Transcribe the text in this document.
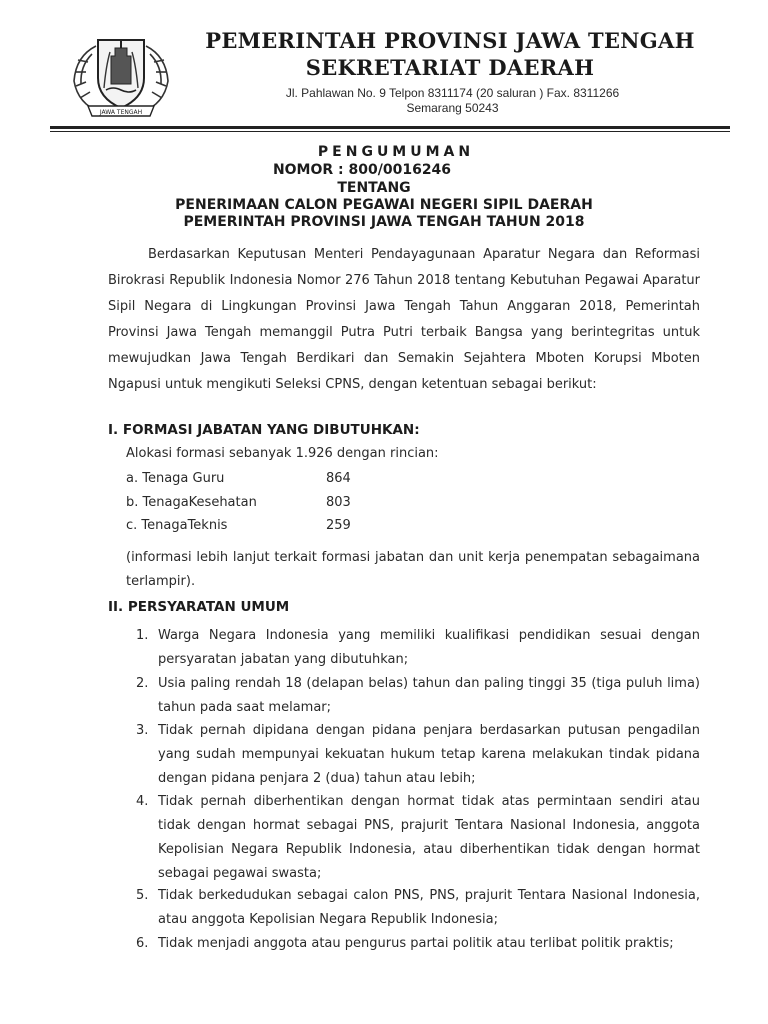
JAWA TENGAH
PEMERINTAH PROVINSI JAWA TENGAH
SEKRETARIAT DAERAH
Jl. Pahlawan No. 9 Telpon 8311174 (20 saluran ) Fax. 8311266
Semarang 50243
PENGUMUMAN
NOMOR : 800/0016246
TENTANG
PENERIMAAN CALON PEGAWAI NEGERI SIPIL DAERAH
PEMERINTAH PROVINSI JAWA TENGAH TAHUN 2018
Berdasarkan Keputusan Menteri Pendayagunaan Aparatur Negara dan Reformasi Birokrasi Republik Indonesia Nomor 276 Tahun 2018 tentang Kebutuhan Pegawai Aparatur Sipil Negara di Lingkungan Provinsi Jawa Tengah Tahun Anggaran 2018, Pemerintah Provinsi Jawa Tengah memanggil Putra Putri terbaik Bangsa yang berintegritas untuk mewujudkan Jawa Tengah Berdikari dan Semakin Sejahtera Mboten Korupsi Mboten Ngapusi untuk mengikuti Seleksi CPNS, dengan ketentuan sebagai berikut:
I. FORMASI JABATAN YANG DIBUTUHKAN:
Alokasi formasi sebanyak 1.926 dengan rincian:
a. Tenaga Guru	864
b. TenagaKesehatan	803
c. TenagaTeknis	259
(informasi lebih lanjut terkait formasi jabatan dan unit kerja penempatan sebagaimana terlampir).
II. PERSYARATAN UMUM
1. Warga Negara Indonesia yang memiliki kualifikasi pendidikan sesuai dengan persyaratan jabatan yang dibutuhkan;
2. Usia paling rendah 18 (delapan belas) tahun dan paling tinggi 35 (tiga puluh lima) tahun pada saat melamar;
3. Tidak pernah dipidana dengan pidana penjara berdasarkan putusan pengadilan yang sudah mempunyai kekuatan hukum tetap karena melakukan tindak pidana dengan pidana penjara 2 (dua) tahun atau lebih;
4. Tidak pernah diberhentikan dengan hormat tidak atas permintaan sendiri atau tidak dengan hormat sebagai PNS, prajurit Tentara Nasional Indonesia, anggota Kepolisian Negara Republik Indonesia, atau diberhentikan tidak dengan hormat sebagai pegawai swasta;
5. Tidak berkedudukan sebagai calon PNS, PNS, prajurit Tentara Nasional Indonesia, atau anggota Kepolisian Negara Republik Indonesia;
6. Tidak menjadi anggota atau pengurus partai politik atau terlibat politik praktis;
